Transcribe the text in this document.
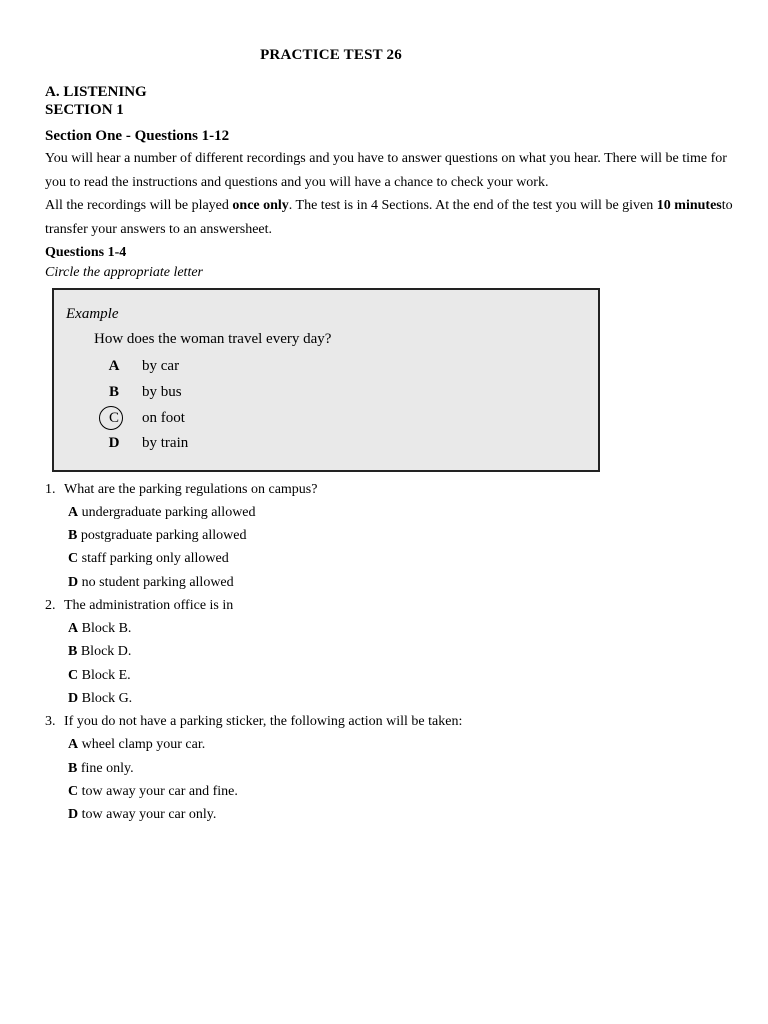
PRACTICE TEST 26
A. LISTENING
SECTION 1
Section One - Questions 1-12
You will hear a number of different recordings and you have to answer questions on what you hear. There will be time for you to read the instructions and questions and you will have a chance to check your work.
All the recordings will be played once only. The test is in 4 Sections. At the end of the test you will be given 10 minutesto transfer your answers to an answersheet.
Questions 1-4
Circle the appropriate letter
Example
How does the woman travel every day?
A	by car
B	by bus
C	on foot
D	by train
1. What are the parking regulations on campus?
A undergraduate parking allowed
B postgraduate parking allowed
C staff parking only allowed
D no student parking allowed
2. The administration office is in
A Block B.
B Block D.
C Block E.
D Block G.
3. If you do not have a parking sticker, the following action will be taken:
A wheel clamp your car.
B fine only.
C tow away your car and fine.
D tow away your car only.
